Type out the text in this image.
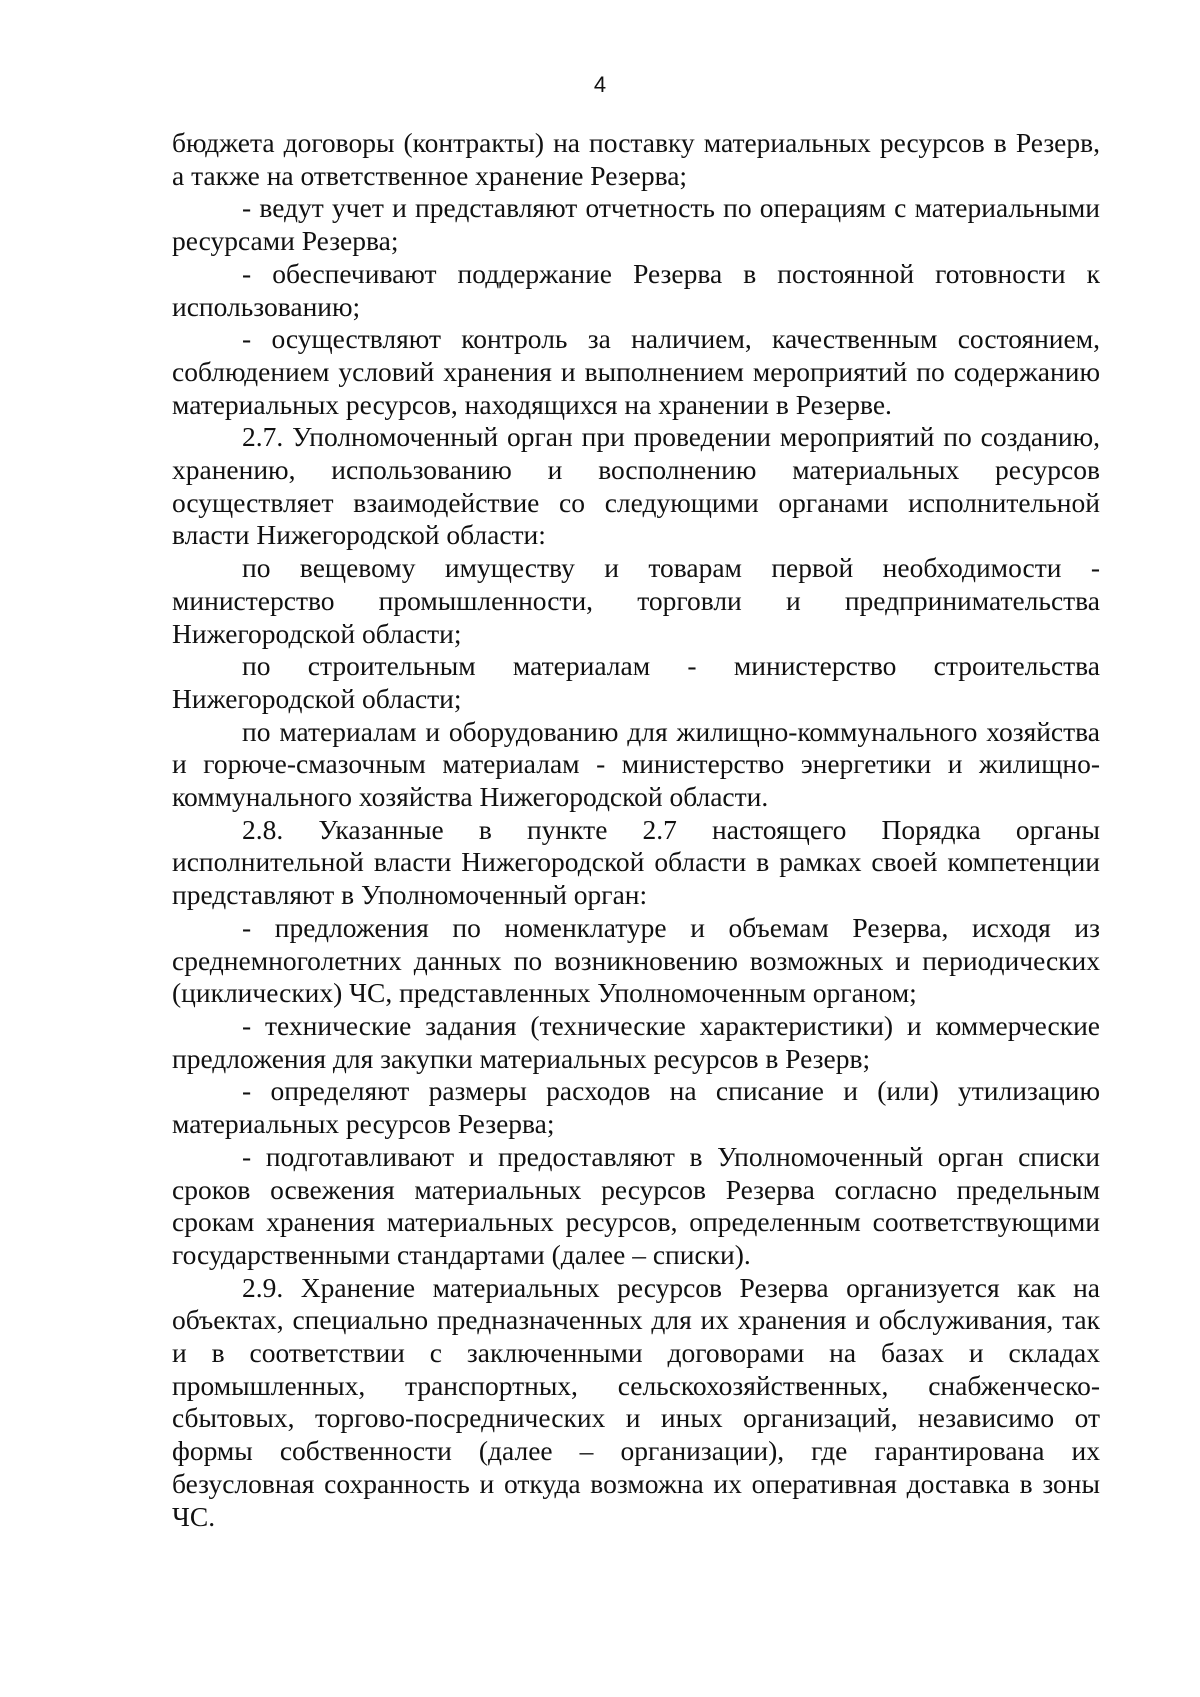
4

бюджета договоры (контракты) на поставку материальных ресурсов в Резерв, а также на ответственное хранение Резерва;

- ведут учет и представляют отчетность по операциям с материальными ресурсами Резерва;

- обеспечивают поддержание Резерва в постоянной готовности к использованию;

- осуществляют контроль за наличием, качественным состоянием, соблюдением условий хранения и выполнением мероприятий по содержанию материальных ресурсов, находящихся на хранении в Резерве.

2.7. Уполномоченный орган при проведении мероприятий по созданию, хранению, использованию и восполнению материальных ресурсов осуществляет взаимодействие со следующими органами исполнительной власти Нижегородской области:

по вещевому имуществу и товарам первой необходимости - министерство промышленности, торговли и предпринимательства Нижегородской области;

по строительным материалам - министерство строительства Нижегородской области;

по материалам и оборудованию для жилищно-коммунального хозяйства и горюче-смазочным материалам - министерство энергетики и жилищно-коммунального хозяйства Нижегородской области.

2.8. Указанные в пункте 2.7 настоящего Порядка органы исполнительной власти Нижегородской области в рамках своей компетенции представляют в Уполномоченный орган:

- предложения по номенклатуре и объемам Резерва, исходя из среднемноголетних данных по возникновению возможных и периодических (циклических) ЧС, представленных Уполномоченным органом;

- технические задания (технические характеристики) и коммерческие предложения для закупки материальных ресурсов в Резерв;

- определяют размеры расходов на списание и (или) утилизацию материальных ресурсов Резерва;

- подготавливают и предоставляют в Уполномоченный орган списки сроков освежения материальных ресурсов Резерва согласно предельным срокам хранения материальных ресурсов, определенным соответствующими государственными стандартами (далее – списки).

2.9. Хранение материальных ресурсов Резерва организуется как на объектах, специально предназначенных для их хранения и обслуживания, так и в соответствии с заключенными договорами на базах и складах промышленных, транспортных, сельскохозяйственных, снабженческо-сбытовых, торгово-посреднических и иных организаций, независимо от формы собственности (далее – организации), где гарантирована их безусловная сохранность и откуда возможна их оперативная доставка в зоны ЧС.
